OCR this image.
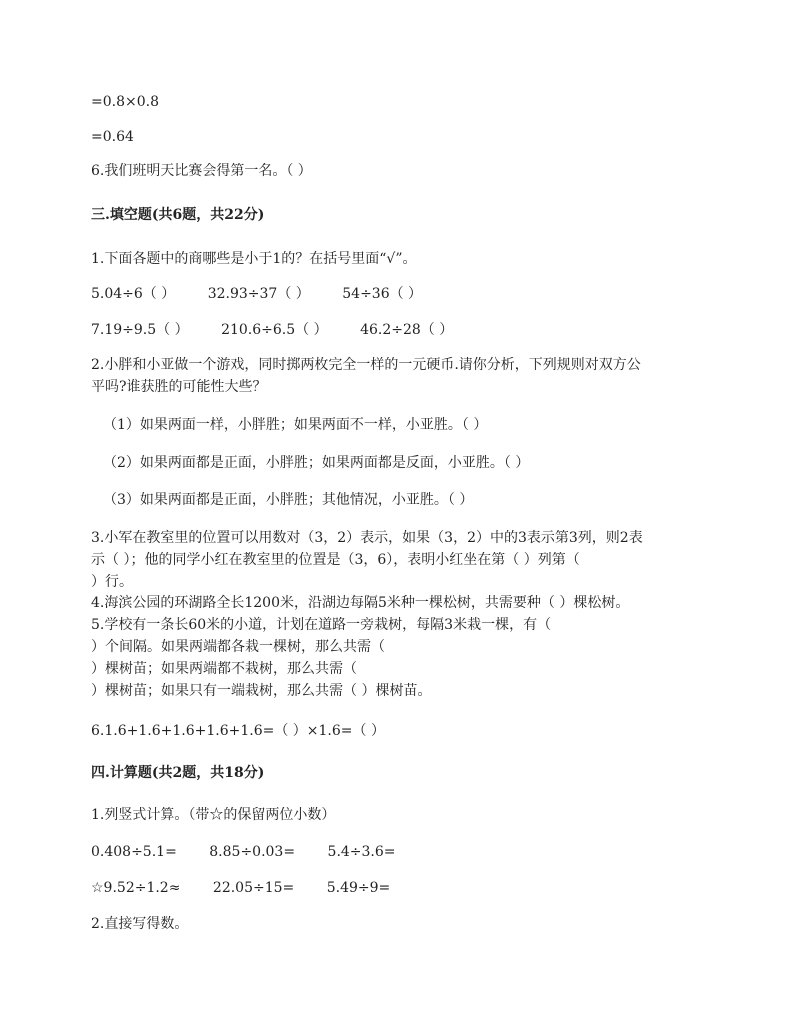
=0.8×0.8
=0.64
6.我们班明天比赛会得第一名。（ ）
三.填空题(共6题，共22分)
1.下面各题中的商哪些是小于1的？在括号里面“√”。
5.04÷6（ ） 32.93÷37（ ） 54÷36（ ）
7.19÷9.5（ ） 210.6÷6.5（ ） 46.2÷28（ ）
2.小胖和小亚做一个游戏，同时掷两枚完全一样的一元硬币.请你分析，下列规则对双方公
平吗?谁获胜的可能性大些？
（1）如果两面一样，小胖胜；如果两面不一样，小亚胜。（ ）
（2）如果两面都是正面，小胖胜；如果两面都是反面，小亚胜。（ ）
（3）如果两面都是正面，小胖胜；其他情况，小亚胜。（ ）
3.小军在教室里的位置可以用数对（3，2）表示，如果（3，2）中的3表示第3列，则2表
示（ ）；他的同学小红在教室里的位置是（3，6），表明小红坐在第（ ）列第（
）行。
4.海滨公园的环湖路全长1200米，沿湖边每隔5米种一棵松树，共需要种（ ）棵松树。
5.学校有一条长60米的小道，计划在道路一旁栽树，每隔3米栽一棵，有（
）个间隔。如果两端都各栽一棵树，那么共需（
）棵树苗；如果两端都不栽树，那么共需（
）棵树苗；如果只有一端栽树，那么共需（ ）棵树苗。
6.1.6+1.6+1.6+1.6+1.6=（ ）×1.6=（ ）
四.计算题(共2题，共18分)
1.列竖式计算。（带☆的保留两位小数）
0.408÷5.1= 8.85÷0.03= 5.4÷3.6=
☆9.52÷1.2≈ 22.05÷15= 5.49÷9=
2.直接写得数。
